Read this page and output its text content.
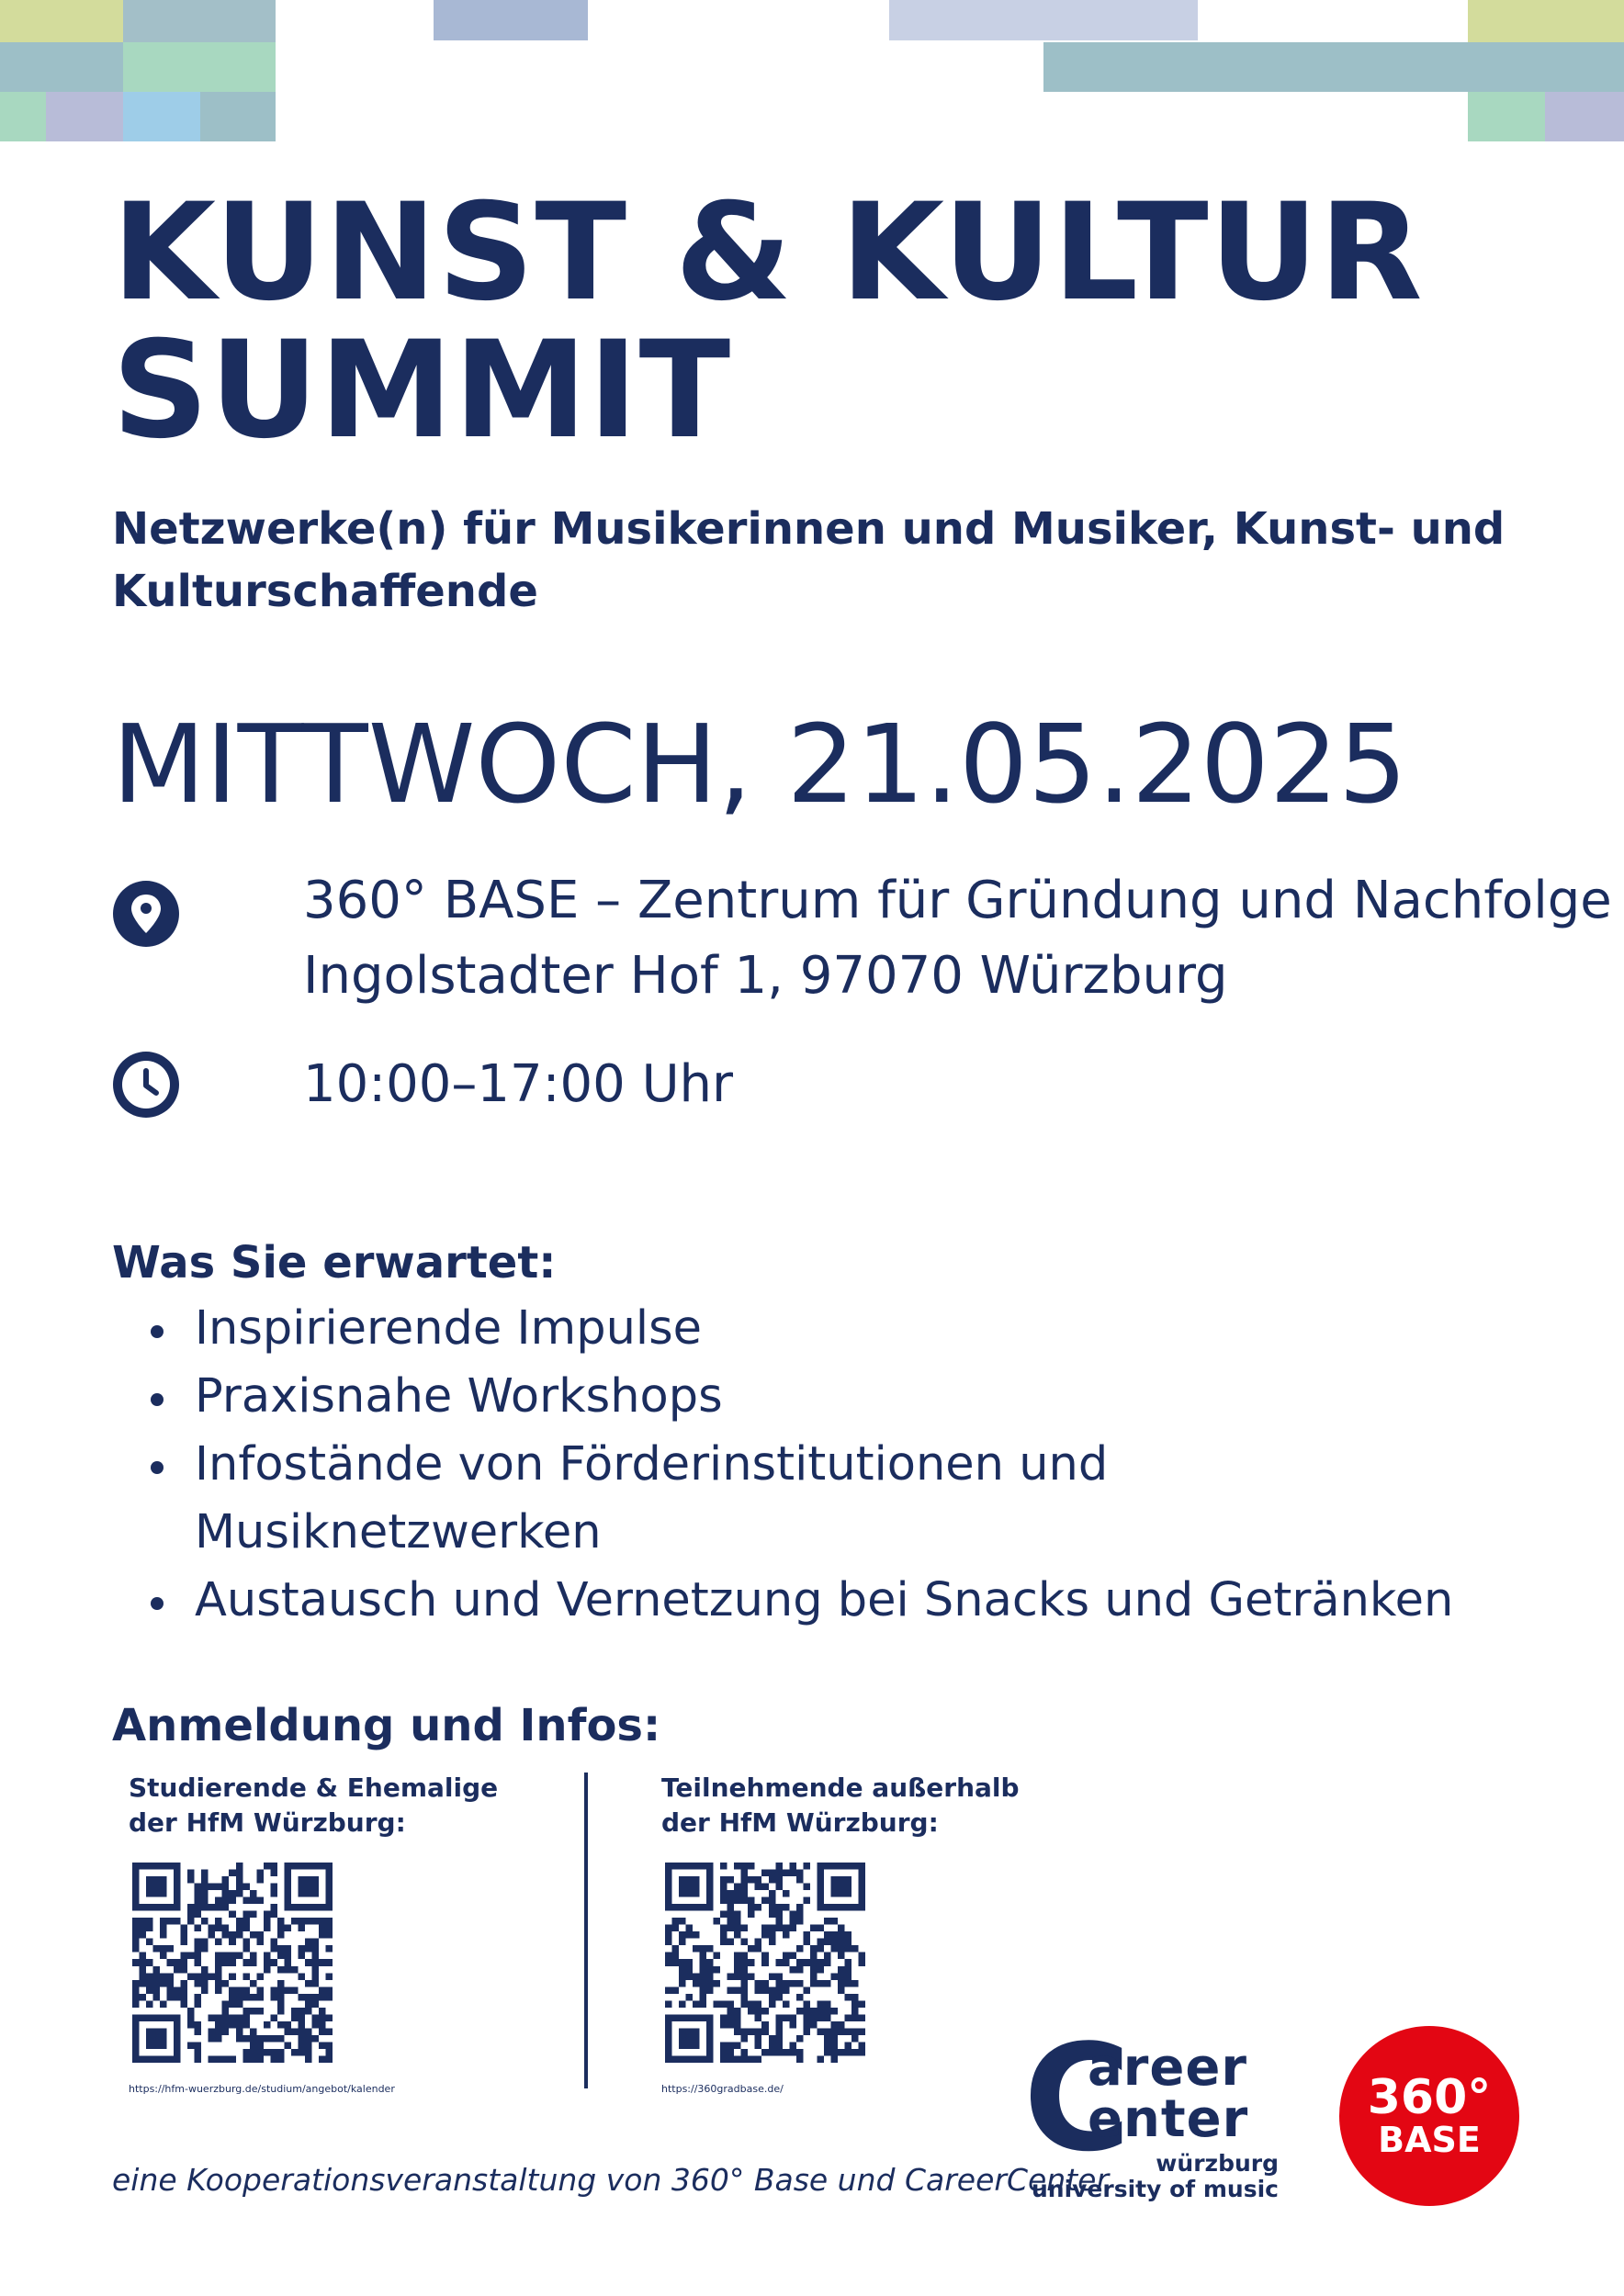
KUNST & KULTUR
SUMMIT

Netzwerke(n) für Musikerinnen und Musiker, Kunst- und Kulturschaffende

MITTWOCH, 21.05.2025

360° BASE – Zentrum für Gründung und Nachfolge
Ingolstadter Hof 1, 97070 Würzburg
10:00–17:00 Uhr
Was Sie erwartet:
Inspirierende Impulse
Praxisnahe Workshops
Infostände von Förderinstitutionen und Musiknetzwerken
Austausch und Vernetzung bei Snacks und Getränken
Anmeldung und Infos:
Studierende & Ehemalige
der HfM Würzburg:
https://hfm-wuerzburg.de/studium/angebot/kalender
Teilnehmende außerhalb
der HfM Würzburg:
https://360gradbase.de/

eine Kooperationsveranstaltung von 360° Base und CareerCenter

C
areer
enter
würzburg
university of music
360°
BASE
